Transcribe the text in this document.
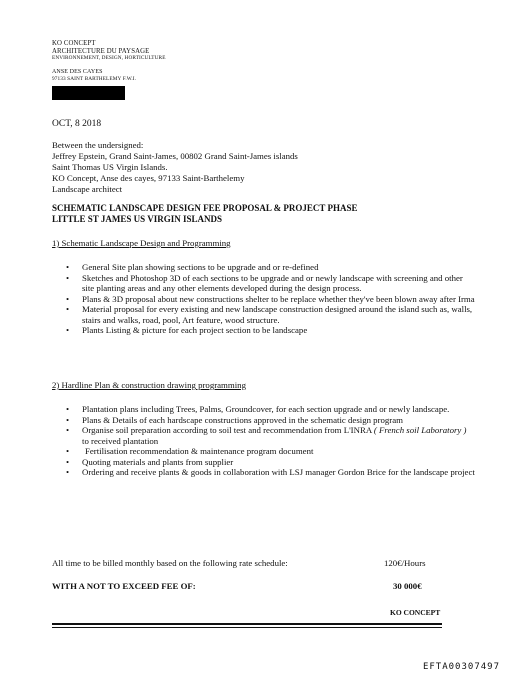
KO CONCEPT
ARCHITECTURE DU PAYSAGE
ENVIRONNEMENT, DESIGN, HORTICULTURE
ANSE DES CAYES
97133 SAINT BARTHELEMY F.W.I.
OCT, 8 2018
Between the undersigned:
Jeffrey Epstein, Grand Saint-James, 00802 Grand Saint-James islands
Saint Thomas US Virgin Islands.
KO Concept, Anse des cayes, 97133 Saint-Barthelemy
Landscape architect
SCHEMATIC LANDSCAPE DESIGN FEE PROPOSAL & PROJECT PHASE
LITTLE ST JAMES US VIRGIN ISLANDS
1) Schematic Landscape Design and Programming
• General Site plan showing sections to be upgrade and or re-defined
• Sketches and Photoshop 3D of each sections to be upgrade and or newly landscape with screening and other site planting areas and any other elements developed during the design process.
• Plans & 3D proposal about new constructions shelter to be replace whether they've been blown away after Irma
• Material proposal for every existing and new landscape construction designed around the island such as, walls, stairs and walks, road, pool, Art feature, wood structure.
• Plants Listing & picture for each project section to be landscape
2) Hardline Plan & construction drawing programming
• Plantation plans including Trees, Palms, Groundcover, for each section upgrade and or newly landscape.
• Plans & Details of each hardscape constructions approved in the schematic design program
• Organise soil preparation according to soil test and recommendation from L'INRA ( French soil Laboratory ) to received plantation
• Fertilisation recommendation & maintenance program document
• Quoting materials and plants from supplier
• Ordering and receive plants & goods in collaboration with LSJ manager Gordon Brice for the landscape project
All time to be billed monthly based on the following rate schedule:	120€/Hours
WITH A NOT TO EXCEED FEE OF:	30 000€
KO CONCEPT
EFTA00307497
